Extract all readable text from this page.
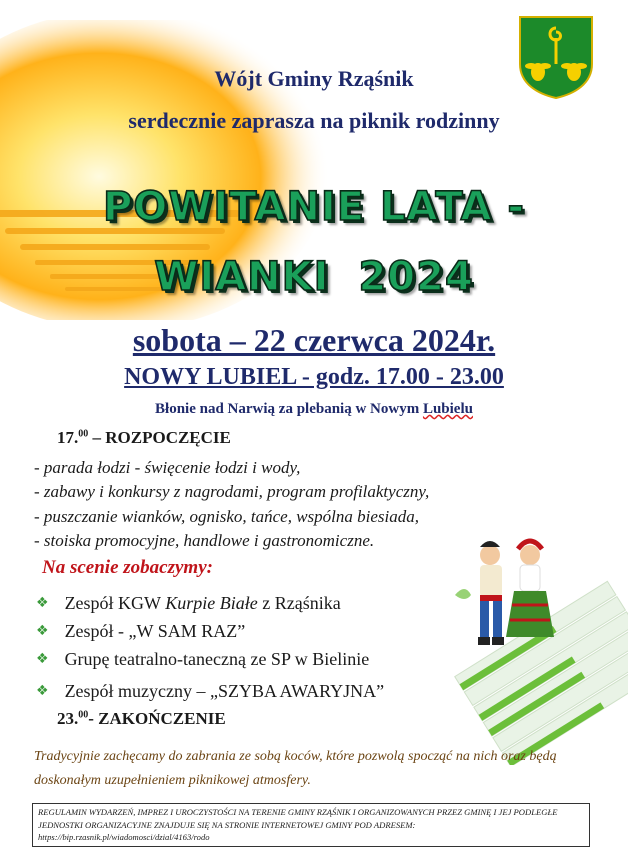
Wójt Gminy Rząśnik
serdecznie zaprasza na piknik rodzinny
POWITANIE LATA -
WIANKI 2024
sobota – 22 czerwca 2024r.
NOWY LUBIEL - godz. 17.00 - 23.00
Błonie nad Narwią za plebanią w Nowym Lubielu
17.00 – ROZPOCZĘCIE
- parada łodzi - święcenie łodzi i wody,
- zabawy i konkursy z nagrodami, program profilaktyczny,
- puszczanie wianków, ognisko, tańce, wspólna biesiada,
- stoiska promocyjne, handlowe i gastronomiczne.
Na scenie zobaczymy:
❖ Zespół KGW Kurpie Białe z Rząśnika
❖ Zespół - „W SAM RAZ”
❖ Grupę teatralno-taneczną ze SP w Bielinie
❖ Zespół muzyczny – „SZYBA AWARYJNA”
23.00- ZAKOŃCZENIE
Tradycyjnie zachęcamy do zabrania ze sobą koców, które pozwolą spocząć na nich oraz będą doskonałym uzupełnieniem piknikowej atmosfery.
REGULAMIN WYDARZEŃ, IMPREZ I UROCZYSTOŚCI NA TERENIE GMINY RZĄŚNIK I ORGANIZOWANYCH PRZEZ GMINĘ I JEJ PODLEGŁE JEDNOSTKI ORGANIZACYJNE ZNAJDUJE SIĘ NA STRONIE INTERNETOWEJ GMINY POD ADRESEM: https://bip.rzasnik.pl/wiadomosci/dzial/4163/rodo
